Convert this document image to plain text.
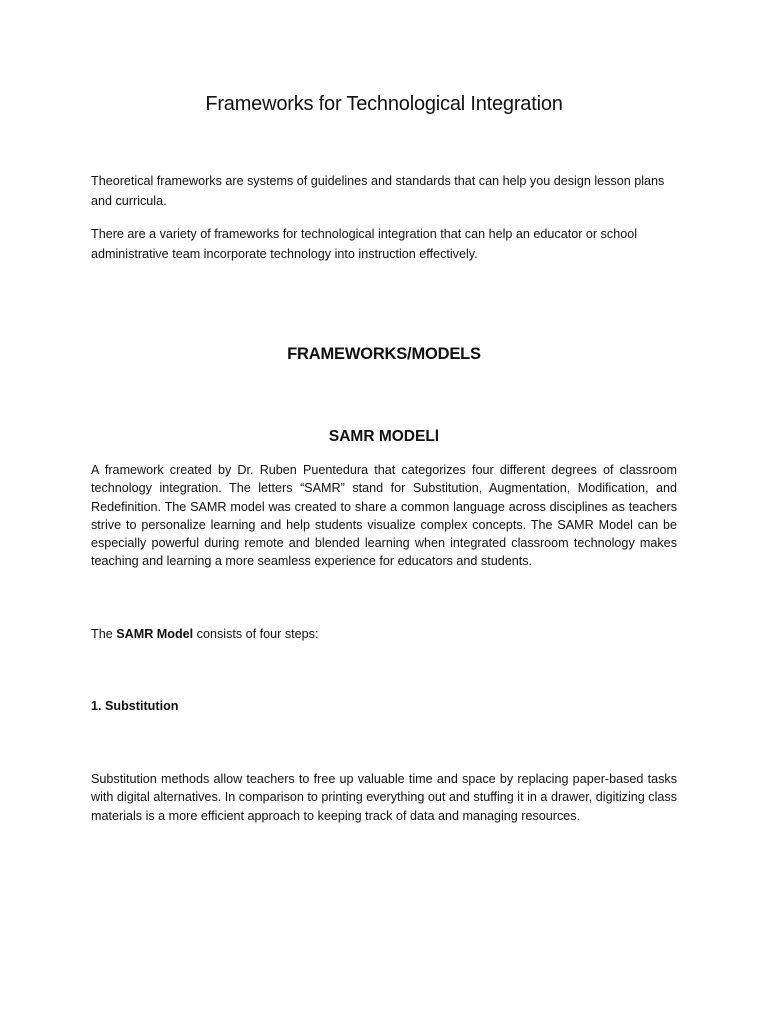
Frameworks for Technological Integration

Theoretical frameworks are systems of guidelines and standards that can help you design lesson plans and curricula.

There are a variety of frameworks for technological integration that can help an educator or school administrative team incorporate technology into instruction effectively.

FRAMEWORKS/MODELS
SAMR MODELl

A framework created by Dr. Ruben Puentedura that categorizes four different degrees of classroom technology integration. The letters “SAMR” stand for Substitution, Augmentation, Modification, and Redefinition. The SAMR model was created to share a common language across disciplines as teachers strive to personalize learning and help students visualize complex concepts. The SAMR Model can be especially powerful during remote and blended learning when integrated classroom technology makes teaching and learning a more seamless experience for educators and students.

The SAMR Model consists of four steps:

1. Substitution

Substitution methods allow teachers to free up valuable time and space by replacing paper-based tasks with digital alternatives. In comparison to printing everything out and stuffing it in a drawer, digitizing class materials is a more efficient approach to keeping track of data and managing resources.
